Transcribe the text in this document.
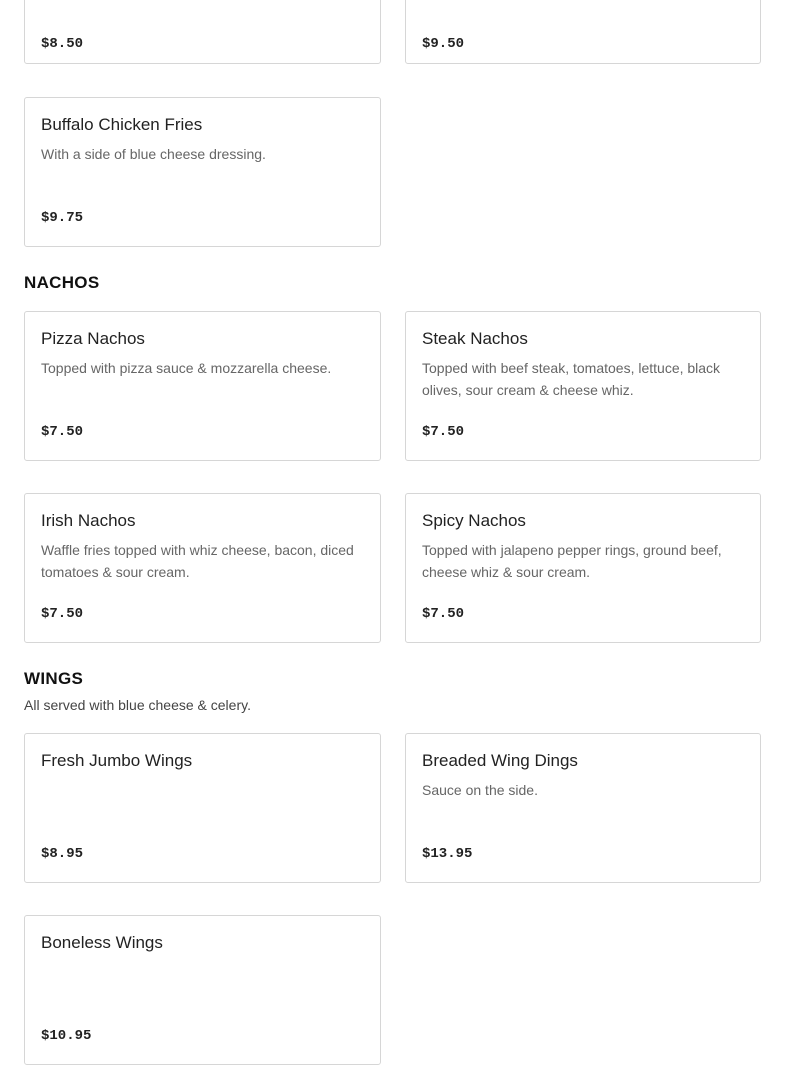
$8.50	$9.50
Buffalo Chicken Fries
With a side of blue cheese dressing.
$9.75
NACHOS
Pizza Nachos
Topped with pizza sauce & mozzarella cheese.
$7.50
Steak Nachos
Topped with beef steak, tomatoes, lettuce, black olives, sour cream & cheese whiz.
$7.50
Irish Nachos
Waffle fries topped with whiz cheese, bacon, diced tomatoes & sour cream.
$7.50
Spicy Nachos
Topped with jalapeno pepper rings, ground beef, cheese whiz & sour cream.
$7.50
WINGS
All served with blue cheese & celery.
Fresh Jumbo Wings
$8.95
Breaded Wing Dings
Sauce on the side.
$13.95
Boneless Wings
$10.95
